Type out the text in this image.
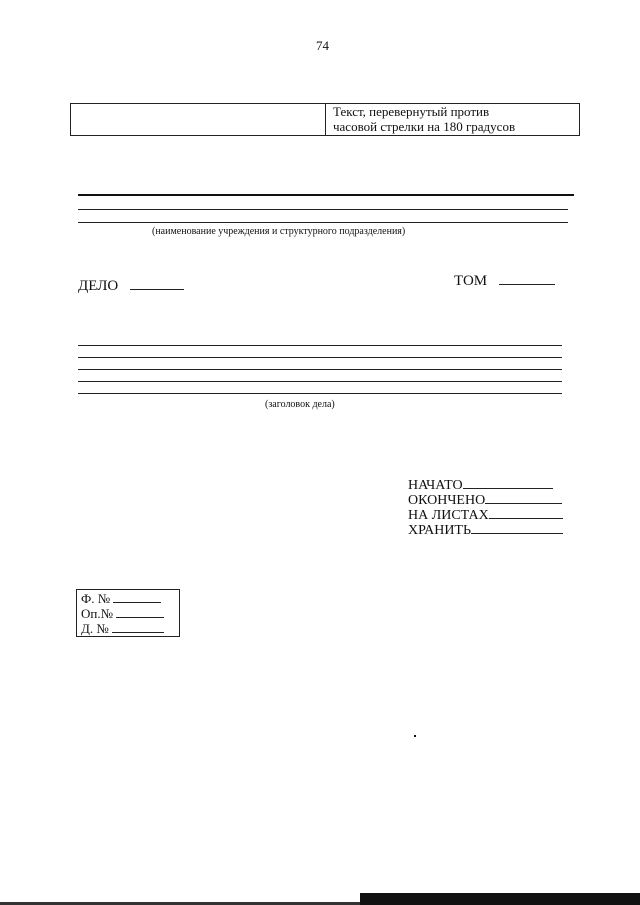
74
Текст, перевернутый против
часовой стрелки на 180 градусов
(наименование учреждения и структурного подразделения)
ДЕЛО	ТОМ
(заголовок дела)
НАЧАТО
ОКОНЧЕНО
НА ЛИСТАХ
ХРАНИТЬ
Ф. №
Оп.№
Д. №
